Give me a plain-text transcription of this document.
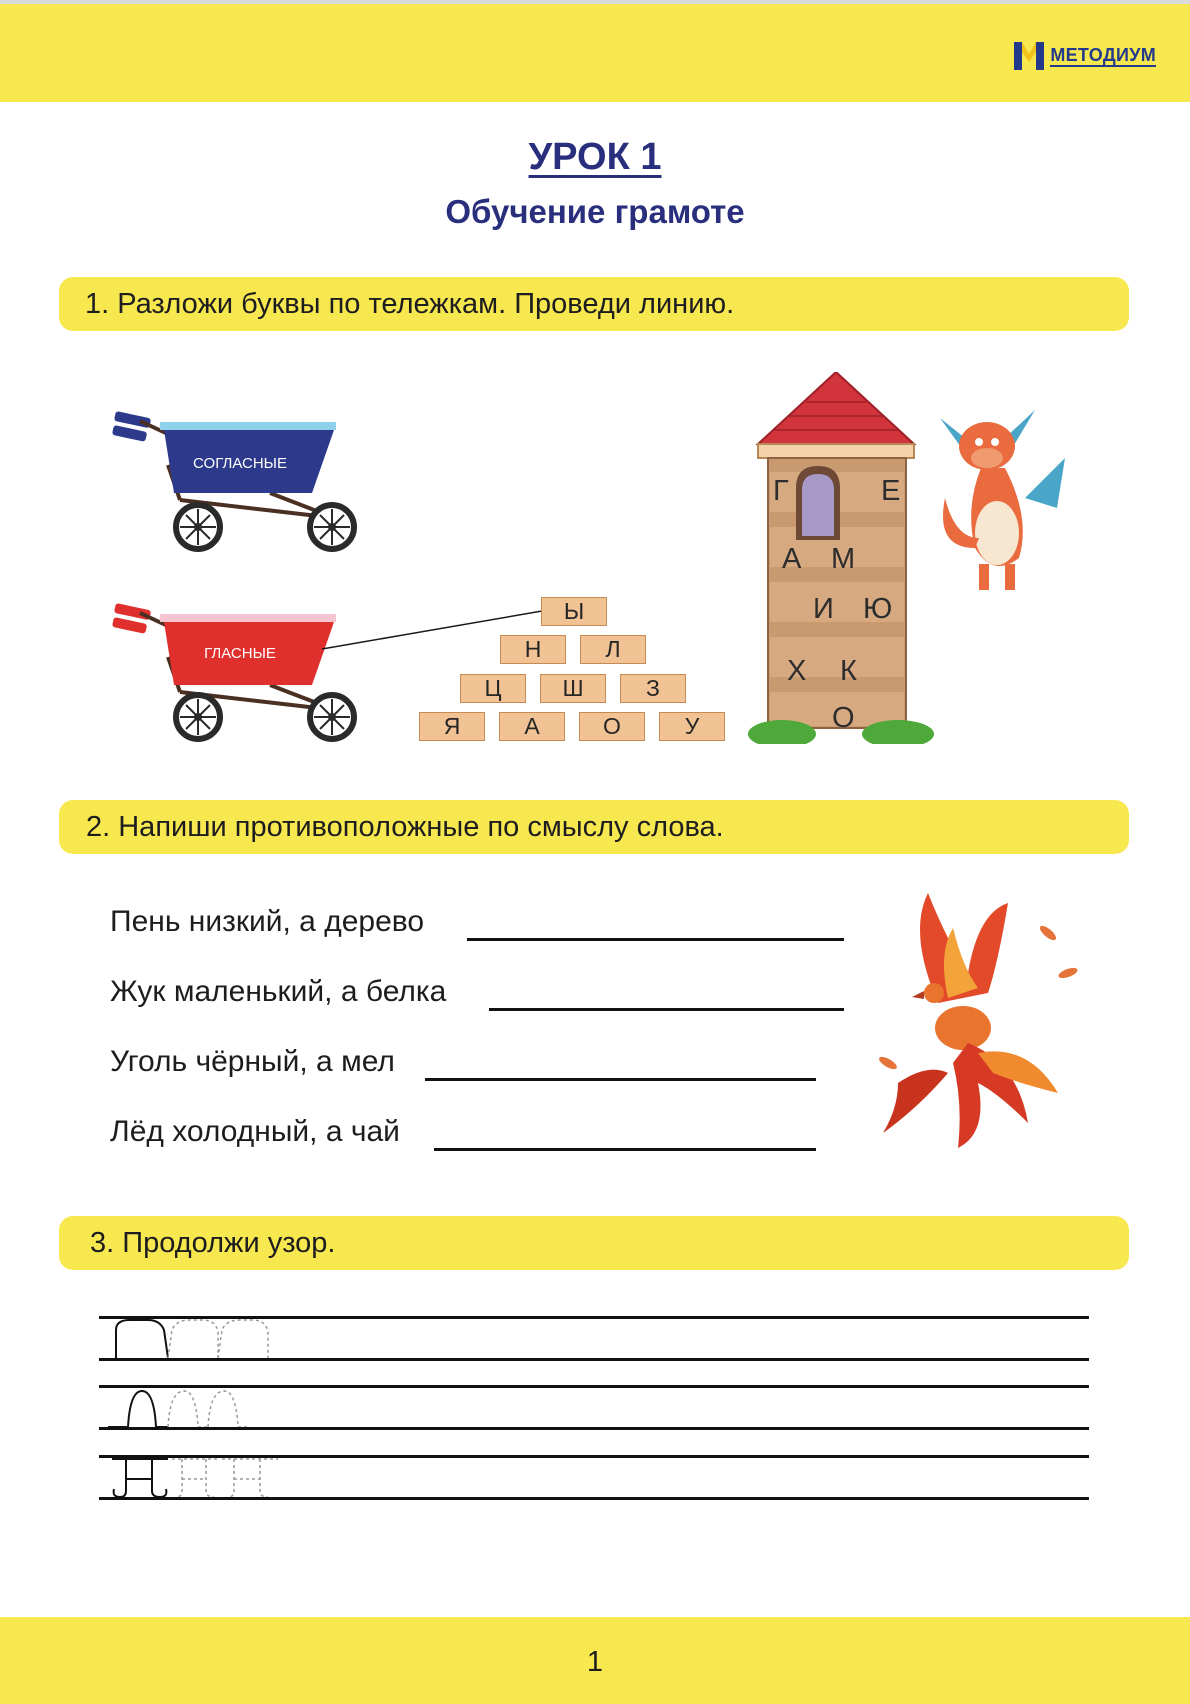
МЕТОДИУМ
УРОК 1
Обучение грамоте
1. Разложи буквы по тележкам. Проведи линию.
СОГЛАСНЫЕ
ГЛАСНЫЕ
Ы
Н	Л
Ц	Ш	З
Я	А	О	У
Г	Е
А М
И Ю
Х К
О
2. Напиши противоположные по смыслу слова.
Пень низкий, а дерево
Жук маленький, а белка
Уголь чёрный, а мел
Лёд холодный, а чай
3. Продолжи узор.
1
